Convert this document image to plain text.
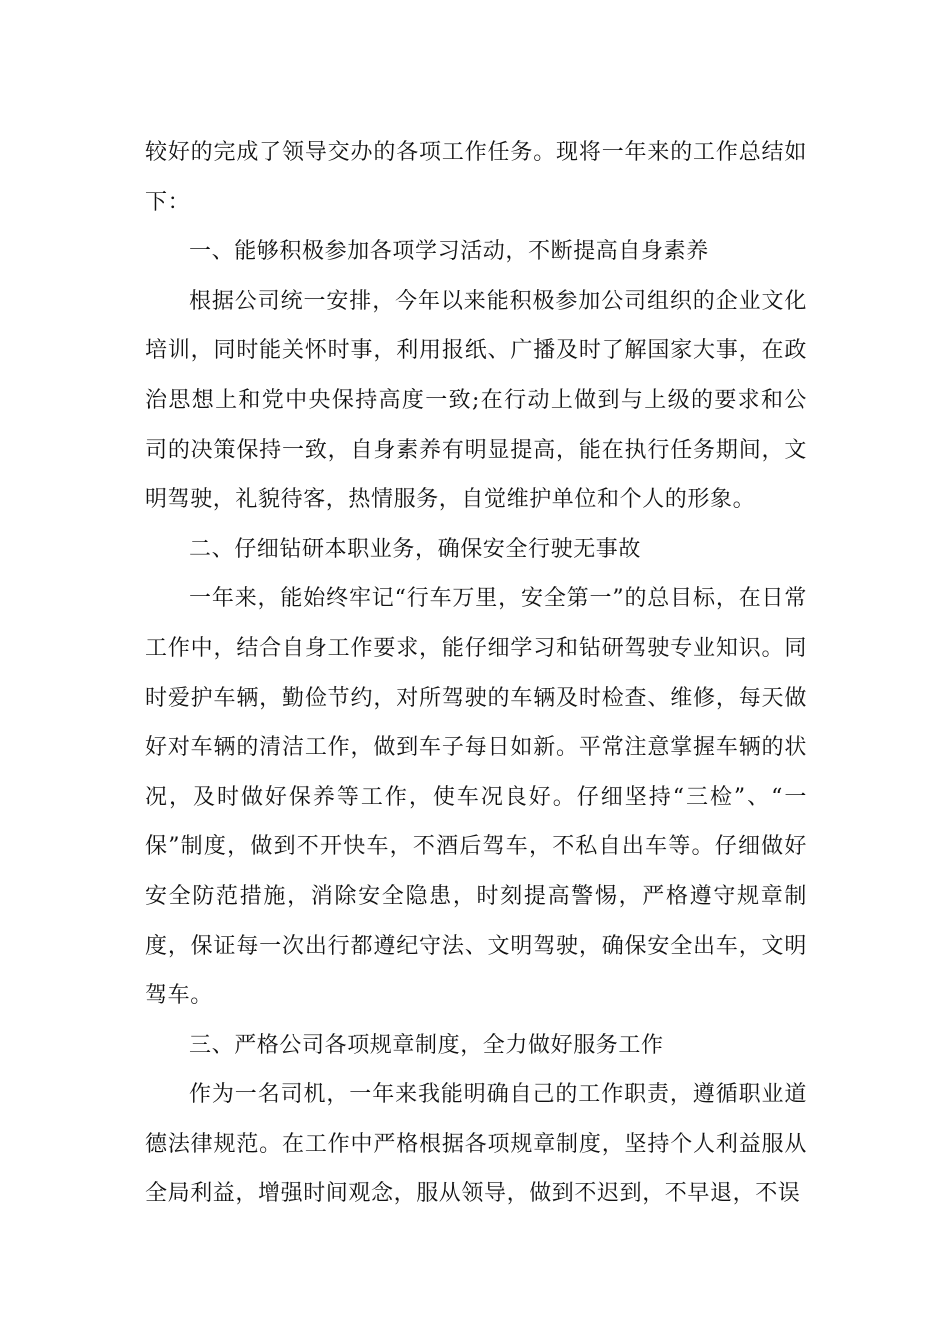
较好的完成了领导交办的各项工作任务。现将一年来的工作总结如下：

一、能够积极参加各项学习活动，不断提高自身素养

根据公司统一安排，今年以来能积极参加公司组织的企业文化培训，同时能关怀时事，利用报纸、广播及时了解国家大事，在政治思想上和党中央保持高度一致;在行动上做到与上级的要求和公司的决策保持一致，自身素养有明显提高，能在执行任务期间，文明驾驶，礼貌待客，热情服务，自觉维护单位和个人的形象。

二、仔细钻研本职业务，确保安全行驶无事故

一年来，能始终牢记“行车万里，安全第一”的总目标，在日常工作中，结合自身工作要求，能仔细学习和钻研驾驶专业知识。同时爱护车辆，勤俭节约，对所驾驶的车辆及时检查、维修，每天做好对车辆的清洁工作，做到车子每日如新。平常注意掌握车辆的状况，及时做好保养等工作，使车况良好。仔细坚持“三检”、“一保”制度，做到不开快车，不酒后驾车，不私自出车等。仔细做好安全防范措施，消除安全隐患，时刻提高警惕，严格遵守规章制度，保证每一次出行都遵纪守法、文明驾驶，确保安全出车，文明驾车。

三、严格公司各项规章制度，全力做好服务工作

作为一名司机，一年来我能明确自己的工作职责，遵循职业道德法律规范。在工作中严格根据各项规章制度，坚持个人利益服从全局利益，增强时间观念，服从领导，做到不迟到，不早退，不误
